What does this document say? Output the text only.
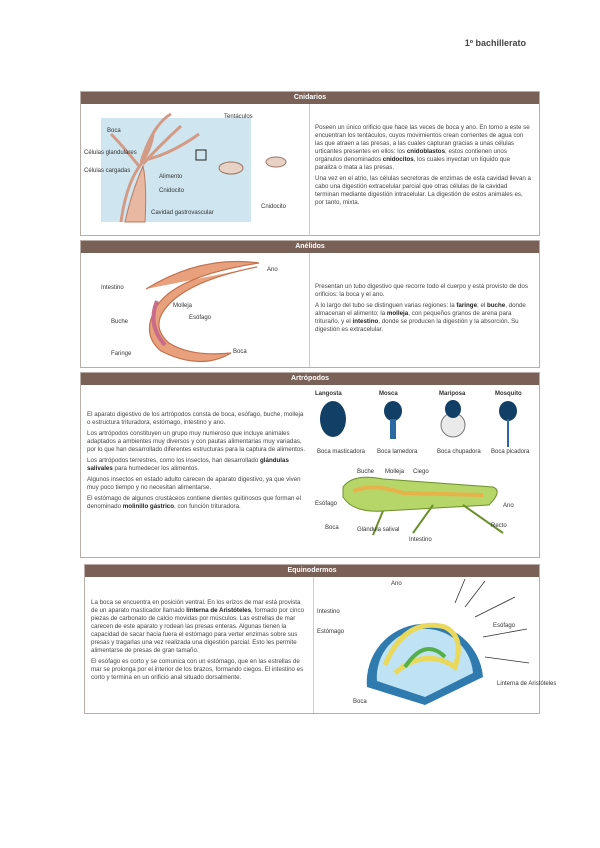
1º bachillerato
Cnidarios
Tentáculos
Boca
Células glandulares
Células cargadas
Alimento
Cnidocito
Cavidad gastrovascular
Cnidocito

Poseen un único orificio que hace las veces de boca y ano. En torno a este se encuentran los tentáculos, cuyos movimientos crean corrientes de agua con las que atraen a las presas, a las cuales capturan gracias a unas células urticantes presentes en ellos: los cnidoblastos; estos contienen unos orgánulos denominados cnidocitos, los cuales inyectan un líquido que paraliza o mata a las presas.

Una vez en el atrio, las células secretoras de enzimas de esta cavidad llevan a cabo una digestión extracelular parcial que otras células de la cavidad terminan mediante digestión intracelular. La digestión de estos animales es, por tanto, mixta.

Anélidos
Ano
Intestino
Molleja
Esófago
Buche
Faringe	Boca

Presentan un tubo digestivo que recorre todo el cuerpo y está provisto de dos orificios: la boca y el ano.

A lo largo del tubo se distinguen varias regiones: la faringe; el buche, donde almacenan el alimento; la molleja, con pequeños granos de arena para triturarlo, y el intestino, donde se producen la digestión y la absorción. Su digestión es extracelular.

Artrópodos

El aparato digestivo de los artrópodos consta de boca, esófago, buche, molleja o estructura trituradora, estómago, intestino y ano.

Los artrópodos constituyen un grupo muy numeroso que incluye animales adaptados a ambientes muy diversos y con pautas alimentarias muy variadas, por lo que han desarrollado diferentes estructuras para la captura de alimentos.

Los artrópodos terrestres, como los insectos, han desarrollado glándulas salivales para humedecer los alimentos.

Algunos insectos en estado adulto carecen de aparato digestivo, ya que viven muy poco tiempo y no necesitan alimentarse.

El estómago de algunos crustáceos contiene dientes quitinosos que forman el denominado molinillo gástrico, con función trituradora.

Langosta	Mosca	Mariposa	Mosquito
Boca masticadora Boca lamedora	Boca chupadora Boca picadora
Buche Molleja Ciego
Esófago	Ano
Boca	Glándula salival
Intestino
Recto
Equinodermos

La boca se encuentra en posición ventral. En los erizos de mar está provista de un aparato masticador llamado linterna de Aristóteles, formado por cinco piezas de carbonato de calcio movidas por músculos. Las estrellas de mar carecen de este aparato y rodean las presas enteras. Algunas tienen la capacidad de sacar hacia fuera el estómago para verter enzimas sobre sus presas y tragarlas una vez realizada una digestión parcial. Esto les permite alimentarse de presas de gran tamaño.

El esófago es corto y se comunica con un estómago, que en las estrellas de mar se prolonga por el interior de los brazos, formando ciegos. El intestino es corto y termina en un orificio anal situado dorsalmente.

Ano
Intestino
Estómago
Esófago
Linterna de Aristóteles
Boca
